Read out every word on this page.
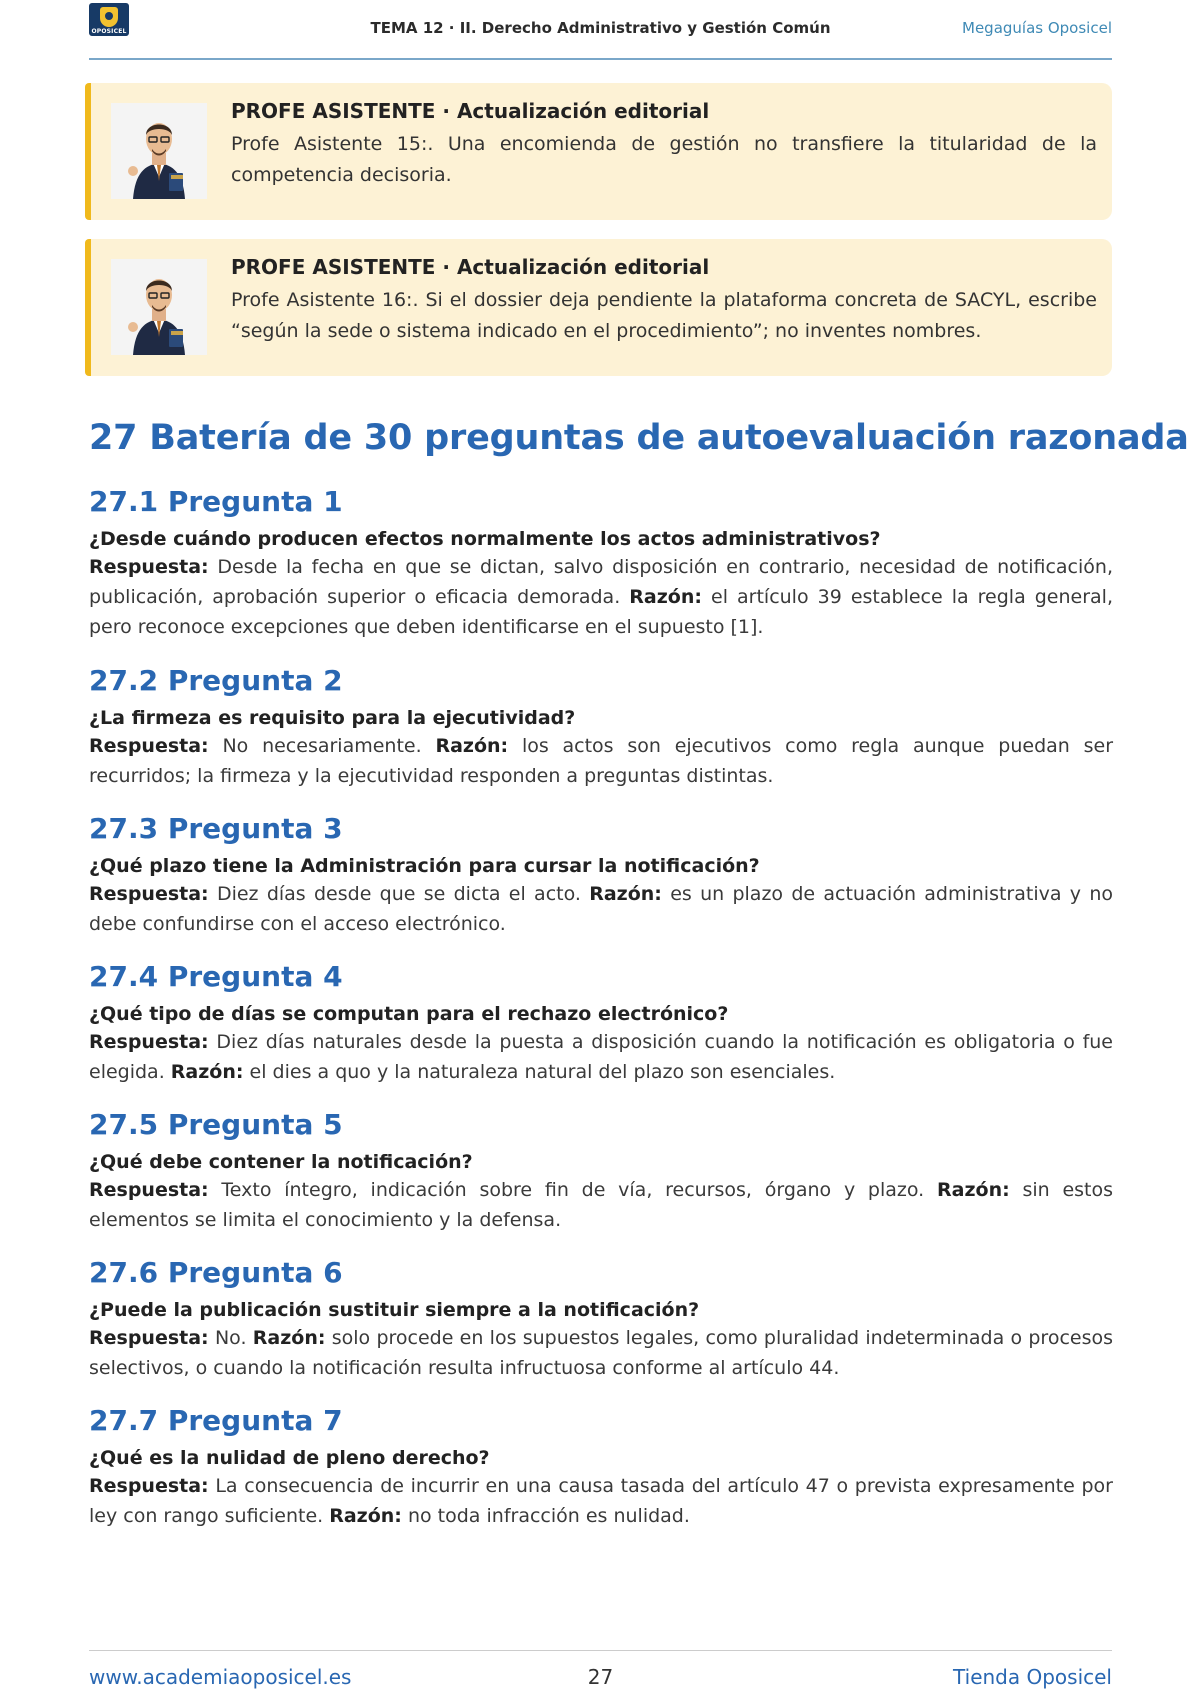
OPOSICEL	TEMA 12 · II. Derecho Administrativo y Gestión Común	Megaguías Oposicel
PROFE ASISTENTE · Actualización editorial
Profe Asistente 15:. Una encomienda de gestión no transfiere la titularidad de la competencia decisoria.
PROFE ASISTENTE · Actualización editorial
Profe Asistente 16:. Si el dossier deja pendiente la plataforma concreta de SACYL, escribe “según la sede o sistema indicado en el procedimiento”; no inventes nombres.
27 Batería de 30 preguntas de autoevaluación razonada
27.1 Pregunta 1
¿Desde cuándo producen efectos normalmente los actos administrativos?
Respuesta: Desde la fecha en que se dictan, salvo disposición en contrario, necesidad de notificación, publicación, aprobación superior o eficacia demorada. Razón: el artículo 39 establece la regla general, pero reconoce excepciones que deben identificarse en el supuesto [1].
27.2 Pregunta 2
¿La firmeza es requisito para la ejecutividad?
Respuesta: No necesariamente. Razón: los actos son ejecutivos como regla aunque puedan ser recurridos; la firmeza y la ejecutividad responden a preguntas distintas.
27.3 Pregunta 3
¿Qué plazo tiene la Administración para cursar la notificación?
Respuesta: Diez días desde que se dicta el acto. Razón: es un plazo de actuación administrativa y no debe confundirse con el acceso electrónico.
27.4 Pregunta 4
¿Qué tipo de días se computan para el rechazo electrónico?
Respuesta: Diez días naturales desde la puesta a disposición cuando la notificación es obligatoria o fue elegida. Razón: el dies a quo y la naturaleza natural del plazo son esenciales.
27.5 Pregunta 5
¿Qué debe contener la notificación?
Respuesta: Texto íntegro, indicación sobre fin de vía, recursos, órgano y plazo. Razón: sin estos elementos se limita el conocimiento y la defensa.
27.6 Pregunta 6
¿Puede la publicación sustituir siempre a la notificación?
Respuesta: No. Razón: solo procede en los supuestos legales, como pluralidad indeterminada o procesos selectivos, o cuando la notificación resulta infructuosa conforme al artículo 44.
27.7 Pregunta 7
¿Qué es la nulidad de pleno derecho?
Respuesta: La consecuencia de incurrir en una causa tasada del artículo 47 o prevista expresamente por ley con rango suficiente. Razón: no toda infracción es nulidad.
www.academiaoposicel.es	27	Tienda Oposicel
